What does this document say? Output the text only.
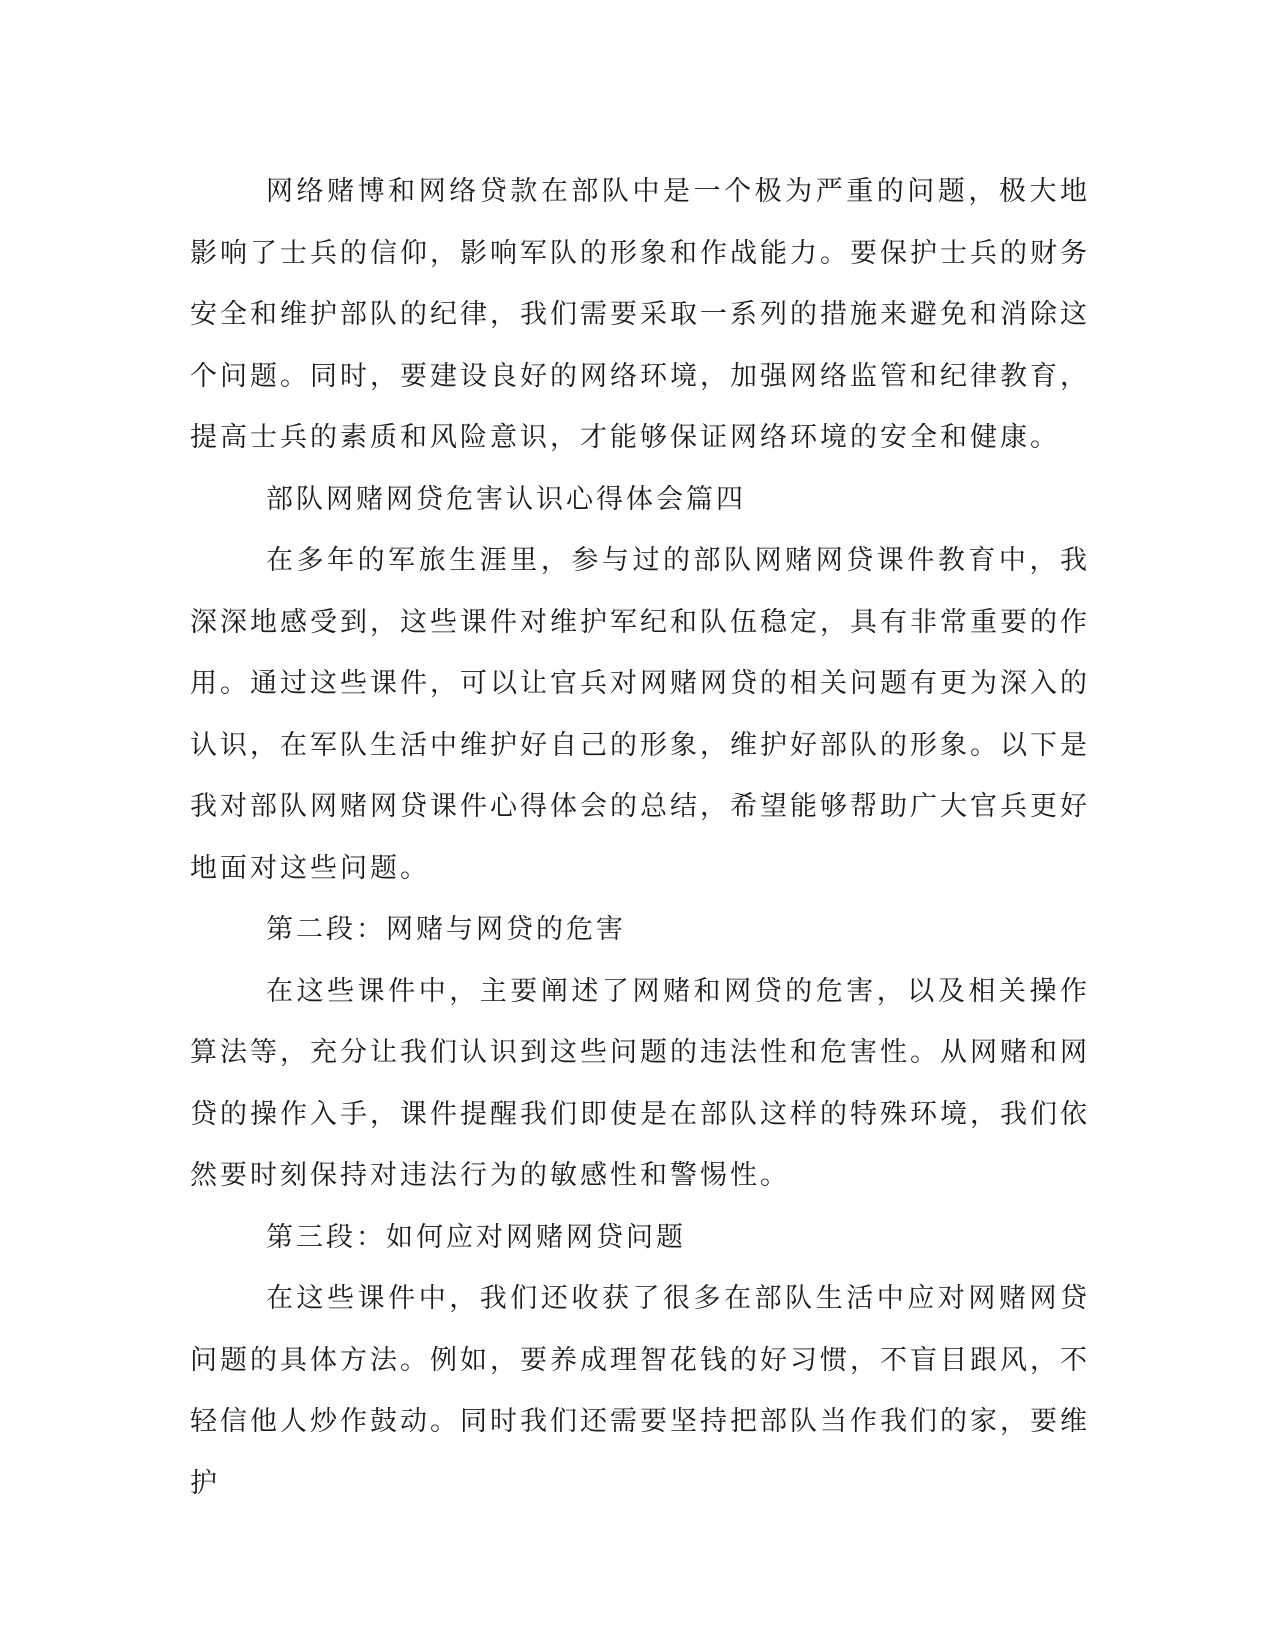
网络赌博和网络贷款在部队中是一个极为严重的问题，极大地影响了士兵的信仰，影响军队的形象和作战能力。要保护士兵的财务安全和维护部队的纪律，我们需要采取一系列的措施来避免和消除这个问题。同时，要建设良好的网络环境，加强网络监管和纪律教育，提高士兵的素质和风险意识，才能够保证网络环境的安全和健康。

部队网赌网贷危害认识心得体会篇四

在多年的军旅生涯里，参与过的部队网赌网贷课件教育中，我深深地感受到，这些课件对维护军纪和队伍稳定，具有非常重要的作用。通过这些课件，可以让官兵对网赌网贷的相关问题有更为深入的认识，在军队生活中维护好自己的形象，维护好部队的形象。以下是我对部队网赌网贷课件心得体会的总结，希望能够帮助广大官兵更好地面对这些问题。

第二段：网赌与网贷的危害

在这些课件中，主要阐述了网赌和网贷的危害，以及相关操作算法等，充分让我们认识到这些问题的违法性和危害性。从网赌和网贷的操作入手，课件提醒我们即使是在部队这样的特殊环境，我们依然要时刻保持对违法行为的敏感性和警惕性。

第三段：如何应对网赌网贷问题

在这些课件中，我们还收获了很多在部队生活中应对网赌网贷问题的具体方法。例如，要养成理智花钱的好习惯，不盲目跟风，不轻信他人炒作鼓动。同时我们还需要坚持把部队当作我们的家，要维护
